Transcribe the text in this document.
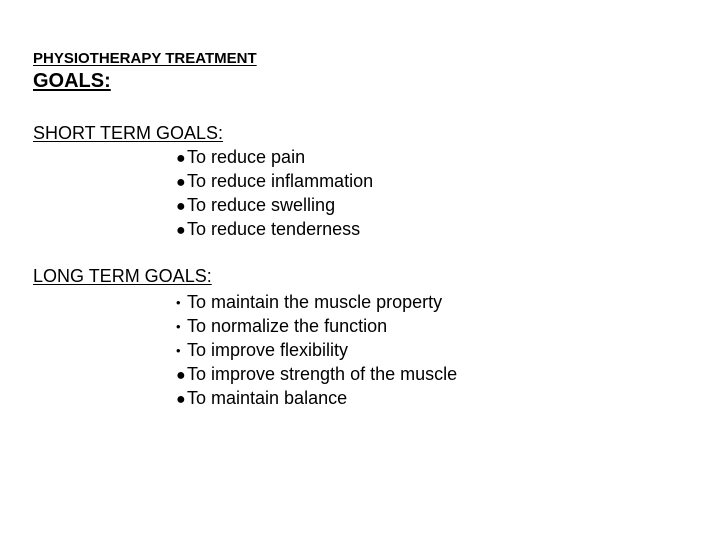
PHYSIOTHERAPY TREATMENT
GOALS:
SHORT TERM GOALS:
●To reduce pain
●To reduce inflammation
●To reduce swelling
●To reduce tenderness
LONG TERM GOALS:
• To maintain the muscle property
• To normalize the function
• To improve flexibility
●To improve strength of the muscle
●To maintain balance
